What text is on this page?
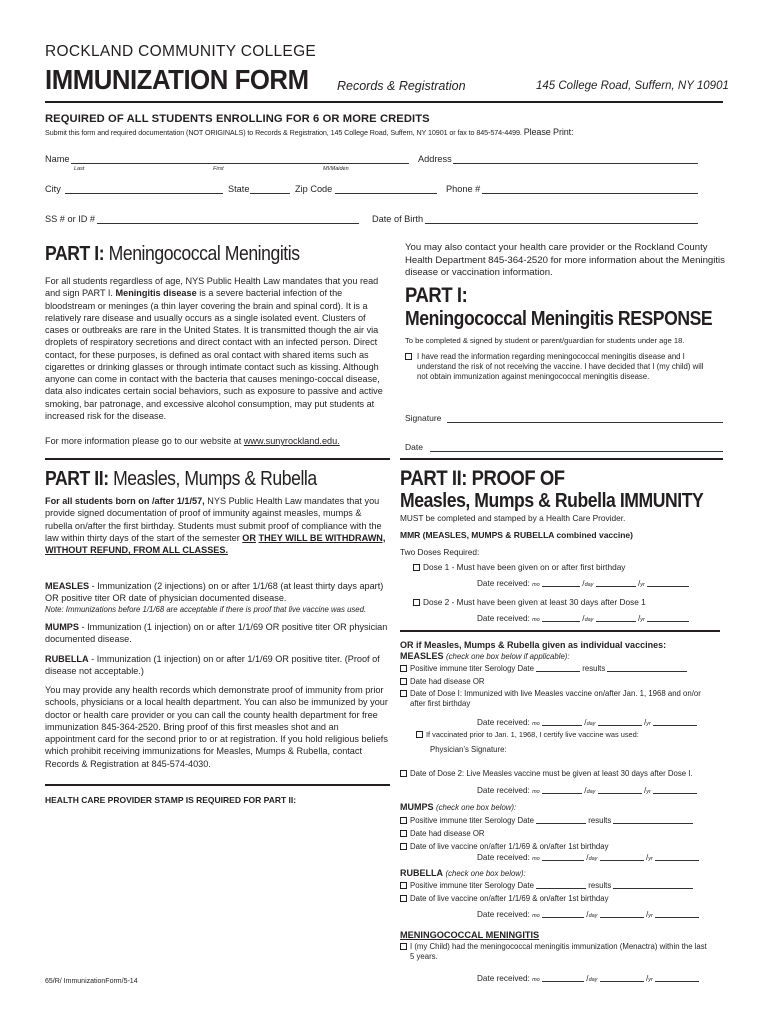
ROCKLAND COMMUNITY COLLEGE
IMMUNIZATION FORM Records & Registration	145 College Road, Suffern, NY 10901
REQUIRED OF ALL STUDENTS ENROLLING FOR 6 OR MORE CREDITS
Submit this form and required documentation (NOT ORIGINALS) to Records & Registration, 145 College Road, Suffern, NY 10901 or fax to 845-574-4499. Please Print:
Name
Last	First	MI/Maiden
Address
City	State	Zip Code	Phone #
SS # or ID #	Date of Birth
PART I: Meningococcal Meningitis
For all students regardless of age, NYS Public Health Law mandates that you read and sign PART I. Meningitis disease is a severe bacterial infection of the bloodstream or meninges (a thin layer covering the brain and spinal cord). It is a relatively rare disease and usually occurs as a single isolated event. Clusters of cases or outbreaks are rare in the United States. It is transmitted though the air via droplets of respiratory secretions and direct contact with an infected person. Direct contact, for these purposes, is defined as oral contact with shared items such as cigarettes or drinking glasses or through intimate contact such as kissing. Although anyone can come in contact with the bacteria that causes meningo-coccal disease, data also indicates certain social behaviors, such as exposure to passive and active smoking, bar patronage, and excessive alcohol consumption, may put students at increased risk for the disease.
For more information please go to our website at www.sunyrockland.edu.
You may also contact your health care provider or the Rockland County Health Department 845-364-2520 for more information about the Meningitis disease or vaccination information.
PART I:
Meningococcal Meningitis RESPONSE
To be completed & signed by student or parent/guardian for students under age 18.
I have read the information regarding meningococcal meningitis disease and I understand the risk of not receiving the vaccine. I have decided that I (my child) will not obtain immunization against meningococcal meningitis disease.
Signature
Date
PART II: Measles, Mumps & Rubella
For all students born on /after 1/1/57, NYS Public Health Law mandates that you provide signed documentation of proof of immunity against measles, mumps & rubella on/after the first birthday. Students must submit proof of compliance with the law within thirty days of the start of the semester OR THEY WILL BE WITHDRAWN, WITHOUT REFUND, FROM ALL CLASSES.
MEASLES - Immunization (2 injections) on or after 1/1/68 (at least thirty days apart) OR positive titer OR date of physician documented disease.
Note: Immunizations before 1/1/68 are acceptable if there is proof that live vaccine was used.
MUMPS - Immunization (1 injection) on or after 1/1/69 OR positive titer OR physician documented disease.
RUBELLA - Immunization (1 injection) on or after 1/1/69 OR positive titer. (Proof of disease not acceptable.)
You may provide any health records which demonstrate proof of immunity from prior schools, physicians or a local health department. You can also be immunized by your doctor or health care provider or you can call the county health department for free immunization 845-364-2520. Bring proof of this first measles shot and an appointment card for the second prior to or at registration. If you hold religious beliefs which prohibit receiving immunizations for Measles, Mumps & Rubella, contact Records & Registration at 845-574-4030.
HEALTH CARE PROVIDER STAMP IS REQUIRED FOR PART II:
65/R/ ImmunizationForm/5-14
PART II: PROOF OF
Measles, Mumps & Rubella IMMUNITY
MUST be completed and stamped by a Health Care Provider.
MMR (MEASLES, MUMPS & RUBELLA combined vaccine)
Two Doses Required:
Dose 1 - Must have been given on or after first birthday
Date received: mo	/day	/yr
Dose 2 - Must have been given at least 30 days after Dose 1
Date received: mo	/day	/yr
OR if Measles, Mumps & Rubella given as individual vaccines:
MEASLES (check one box below if applicable):
Positive immune titer Serology Date	results
Date had disease OR
Date of Dose I: Immunized with live Measles vaccine on/after Jan. 1, 1968 and on/or after first birthday
Date received: mo	/day	/yr
If vaccinated prior to Jan. 1, 1968, I certify live vaccine was used:
Physician’s Signature:
Date of Dose 2: Live Measles vaccine must be given at least 30 days after Dose I.
Date received: mo	/day	/yr
MUMPS (check one box below):
Positive immune titer Serology Date	results
Date had disease OR
Date of live vaccine on/after 1/1/69 & on/after 1st birthday
Date received: mo	/day	/yr
RUBELLA (check one box below):
Positive immune titer Serology Date	results
Date of live vaccine on/after 1/1/69 & on/after 1st birthday
Date received: mo	/day	/yr
MENINGOCOCCAL MENINGITIS
I (my Child) had the meningococcal meningitis immunization (Menactra) within the last 5 years.
Date received: mo	/day	/yr
